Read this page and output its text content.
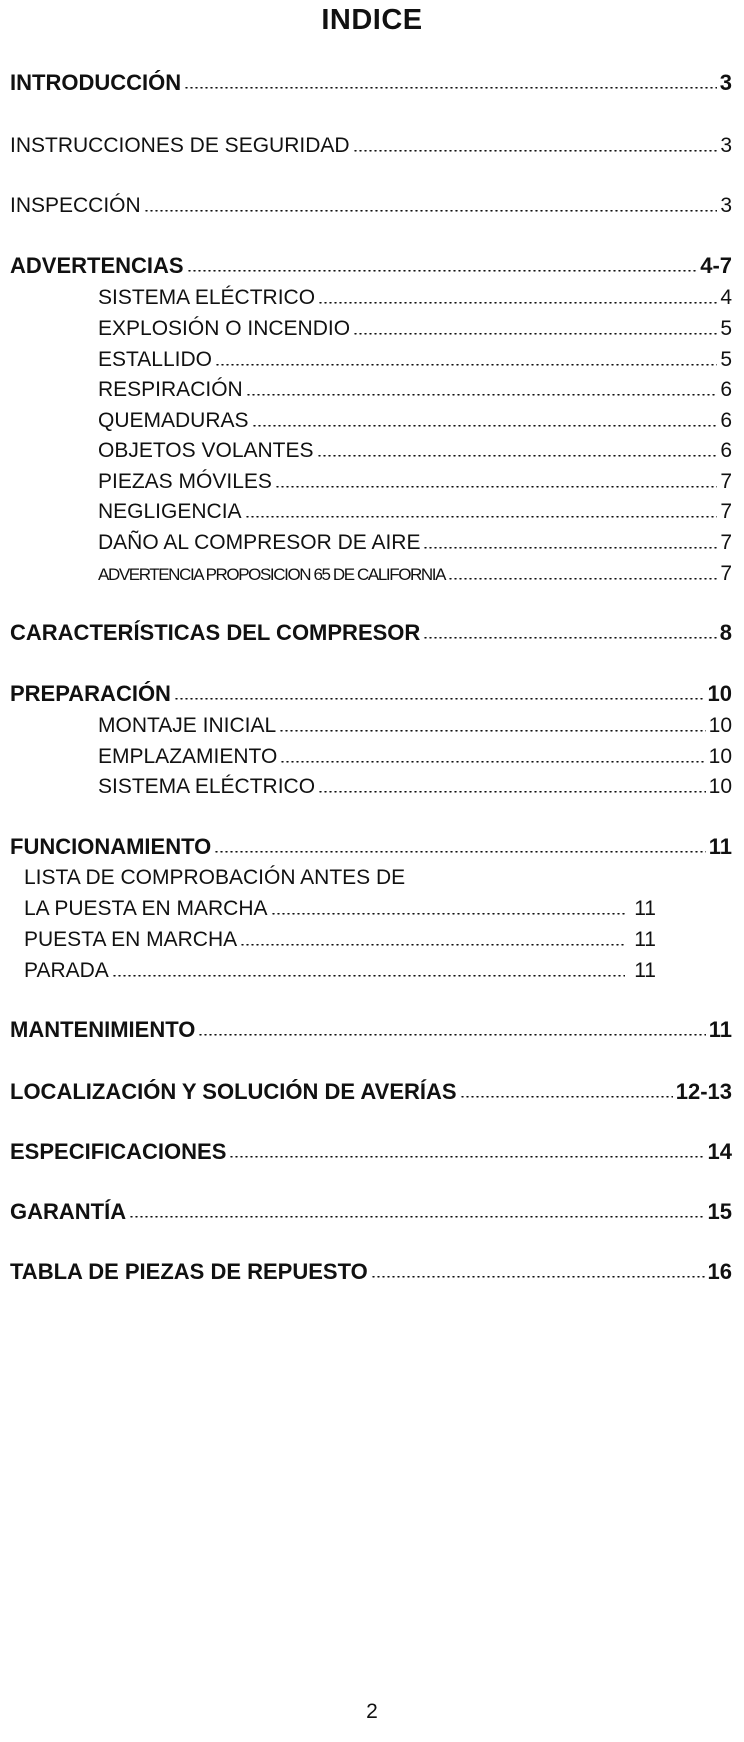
INDICE
INTRODUCCIÓN	3
INSTRUCCIONES DE SEGURIDAD	3
INSPECCIÓN	3
ADVERTENCIAS	4-7
SISTEMA ELÉCTRICO	4
EXPLOSIÓN O INCENDIO	5
ESTALLIDO	5
RESPIRACIÓN	6
QUEMADURAS	6
OBJETOS VOLANTES	6
PIEZAS MÓVILES	7
NEGLIGENCIA	7
DAÑO AL COMPRESOR DE AIRE	7
ADVERTENCIA PROPOSICION 65 DE CALIFORNIA	7
CARACTERÍSTICAS DEL COMPRESOR	8
PREPARACIÓN	10
MONTAJE INICIAL	10
EMPLAZAMIENTO	10
SISTEMA ELÉCTRICO	10
FUNCIONAMIENTO	11
LISTA DE COMPROBACIÓN ANTES DE
LA PUESTA EN MARCHA	11
PUESTA EN MARCHA	11
PARADA	11
MANTENIMIENTO	11
LOCALIZACIÓN Y SOLUCIÓN DE AVERÍAS	12-13
ESPECIFICACIONES	14
GARANTÍA	15
TABLA DE PIEZAS DE REPUESTO	16
2
